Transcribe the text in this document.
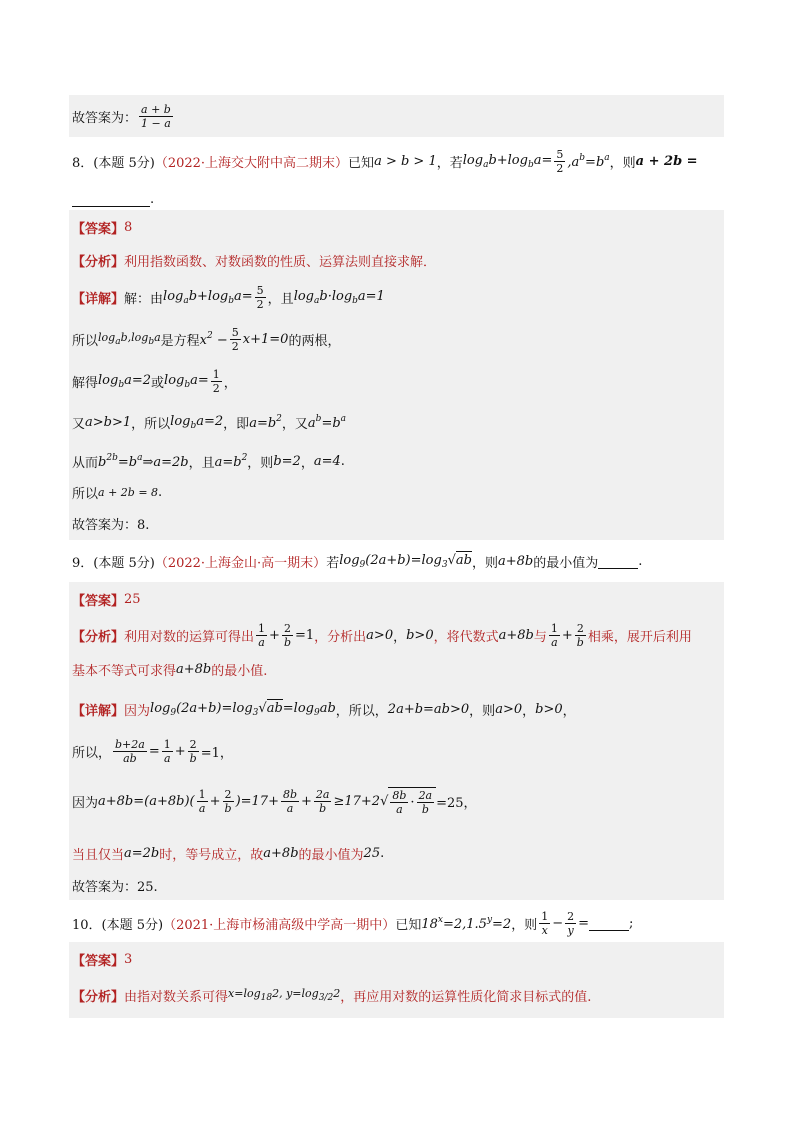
故答案为：
a + b
1 − a
8．(本题 5分) （2022·上海交大附中高二期末） 已知 a > b > 1 ，若 $\log_ab+\log_ba= \frac{5}{2} ,a^b=b^a$ ，则 a + 2b =
.
【答案】 8
【分析】 利用指数函数、对数函数的性质、运算法则直接求解．
【详解】 解：由 $\log_ab+\log_ba= \frac{5}{2}$ ，且 $\log_ab\cdot\log_ba=1$
所以 $\log_ab,\log_ba$ 是方程 $x^2 - \frac{5}{2} x+1=0$ 的两根，
解得 $\log_ba=2$ 或 $\log_ba= \frac{1}{2}$ ，
又 a>b>1 ，所以 $\log_ba=2$ ，即 $a=b^2$ ，又 $a^b=b^a$
从而 $b^{2b}=b^a\Rightarrow a=2b$ ，且 $a=b^2$ ，则 b=2 ， a=4 .
所以 a + 2b = 8 .
故答案为：8.
9．(本题 5分) （2022·上海金山·高一期末） 若 $\log_9(2a+b)=\log_3√ab$ ，则 a+8b 的最小值为	.
【答案】 25
【分析】 利用对数的运算可得出
1
$a + \frac{2}{b} =1$ ，分析出 a>0 ， b>0 ，将代数式 a+8b 与
1
a + 2
b 相乘，展开后利用
基本不等式可求得 a+8b 的最小值.
【详解】 因为 $\log_9(2a+b)=\log_3√ab=\log_9ab$ ，所以， 2a+b=ab>0 ，则 a>0 ， b>0 ，
所以， $\frac{b+2a}{ab} = \frac{1}{a} + \frac{2}{b} =1$，
因为 a+8b=(a+8b)( 1
$a + \frac{2}{b} )=17+ \frac{8b}{a} + \frac{2a}{b} \ge 17+2√ \frac{8b}{a} \cdot \frac{2a}{b} =25$，
当且仅当 a=2b 时，等号成立，故 a+8b 的最小值为 25 .
故答案为：25.
10．(本题 5分) （2021·上海市杨浦高级中学高一期中） 已知 $18^x=2,1.5^y=2$ ，则
1
$x - \frac{2}{y}$ =	;
【答案】 3
【分析】 由指对数关系可得 $x=\log_{18}2$, $y=\log_{3/2}2$ ，再应用对数的运算性质化简求目标式的值.
